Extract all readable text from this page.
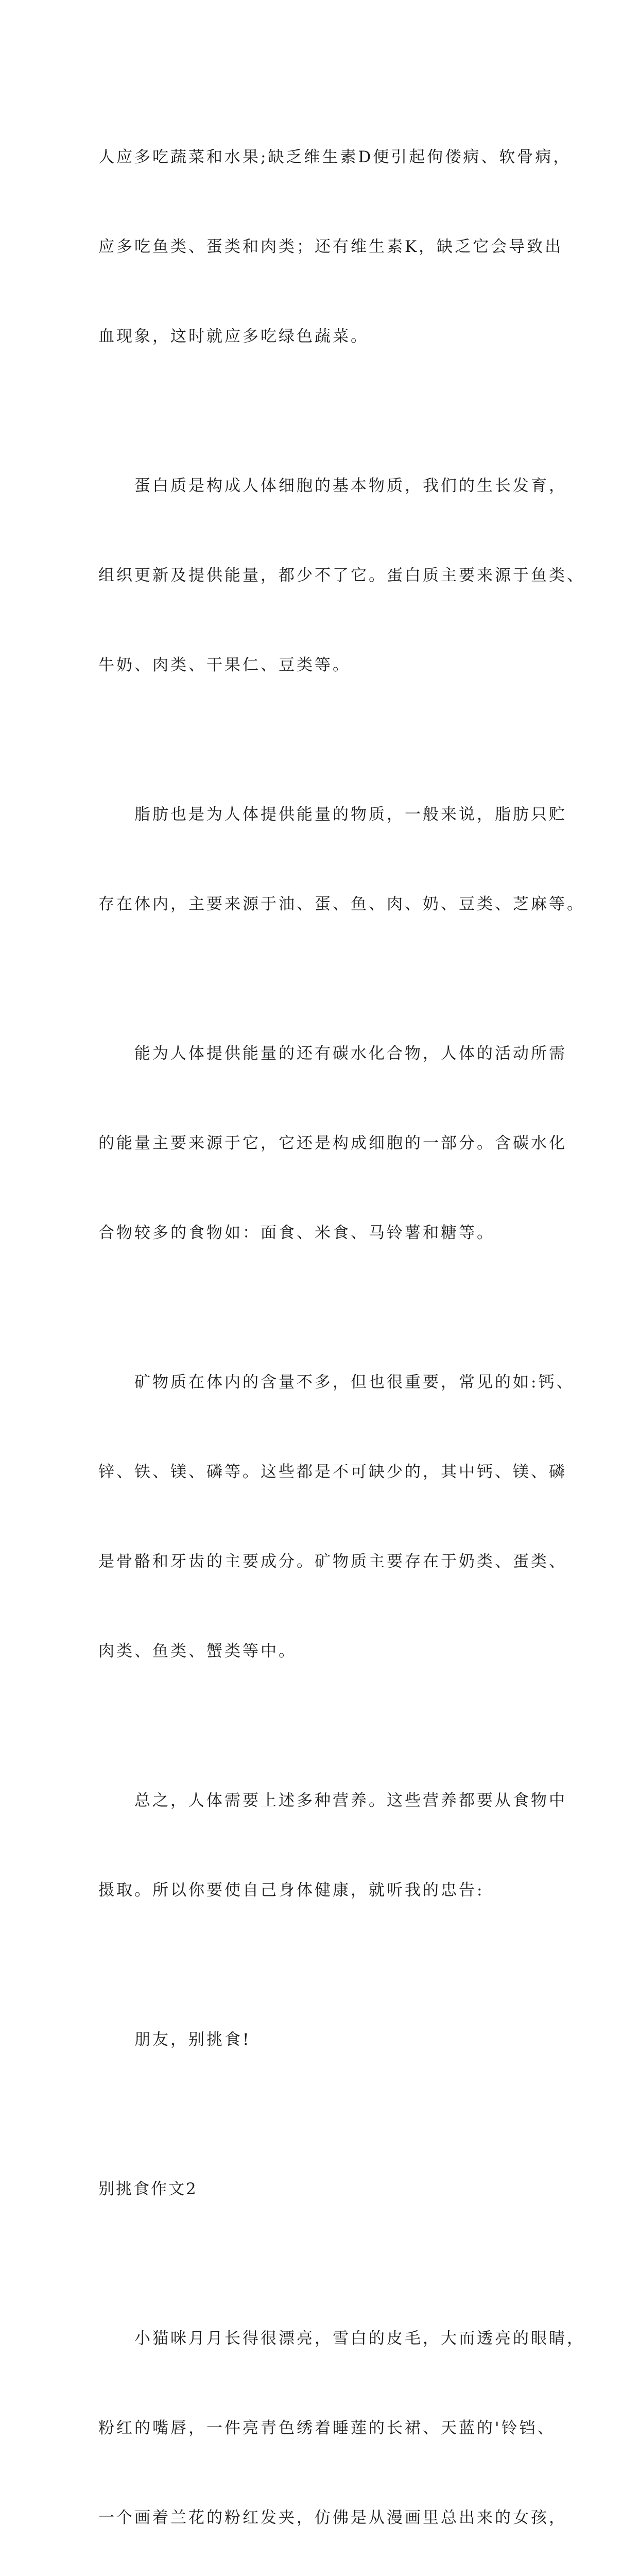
人应多吃蔬菜和水果;缺乏维生素D便引起佝偻病、软骨病，

应多吃鱼类、蛋类和肉类；还有维生素K，缺乏它会导致出

血现象，这时就应多吃绿色蔬菜。

　　蛋白质是构成人体细胞的基本物质，我们的生长发育，

组织更新及提供能量，都少不了它。蛋白质主要来源于鱼类、

牛奶、肉类、干果仁、豆类等。

　　脂肪也是为人体提供能量的物质，一般来说，脂肪只贮

存在体内，主要来源于油、蛋、鱼、肉、奶、豆类、芝麻等。

　　能为人体提供能量的还有碳水化合物，人体的活动所需

的能量主要来源于它，它还是构成细胞的一部分。含碳水化

合物较多的食物如：面食、米食、马铃薯和糖等。

　　矿物质在体内的含量不多，但也很重要，常见的如:钙、

锌、铁、镁、磷等。这些都是不可缺少的，其中钙、镁、磷

是骨骼和牙齿的主要成分。矿物质主要存在于奶类、蛋类、

肉类、鱼类、蟹类等中。

　　总之，人体需要上述多种营养。这些营养都要从食物中

摄取。所以你要使自己身体健康，就听我的忠告:

　　朋友，别挑食!

别挑食作文2

　　小猫咪月月长得很漂亮，雪白的皮毛，大而透亮的眼睛，

粉红的嘴唇，一件亮青色绣着睡莲的长裙、天蓝的'铃铛、

一个画着兰花的粉红发夹，仿佛是从漫画里总出来的女孩，
